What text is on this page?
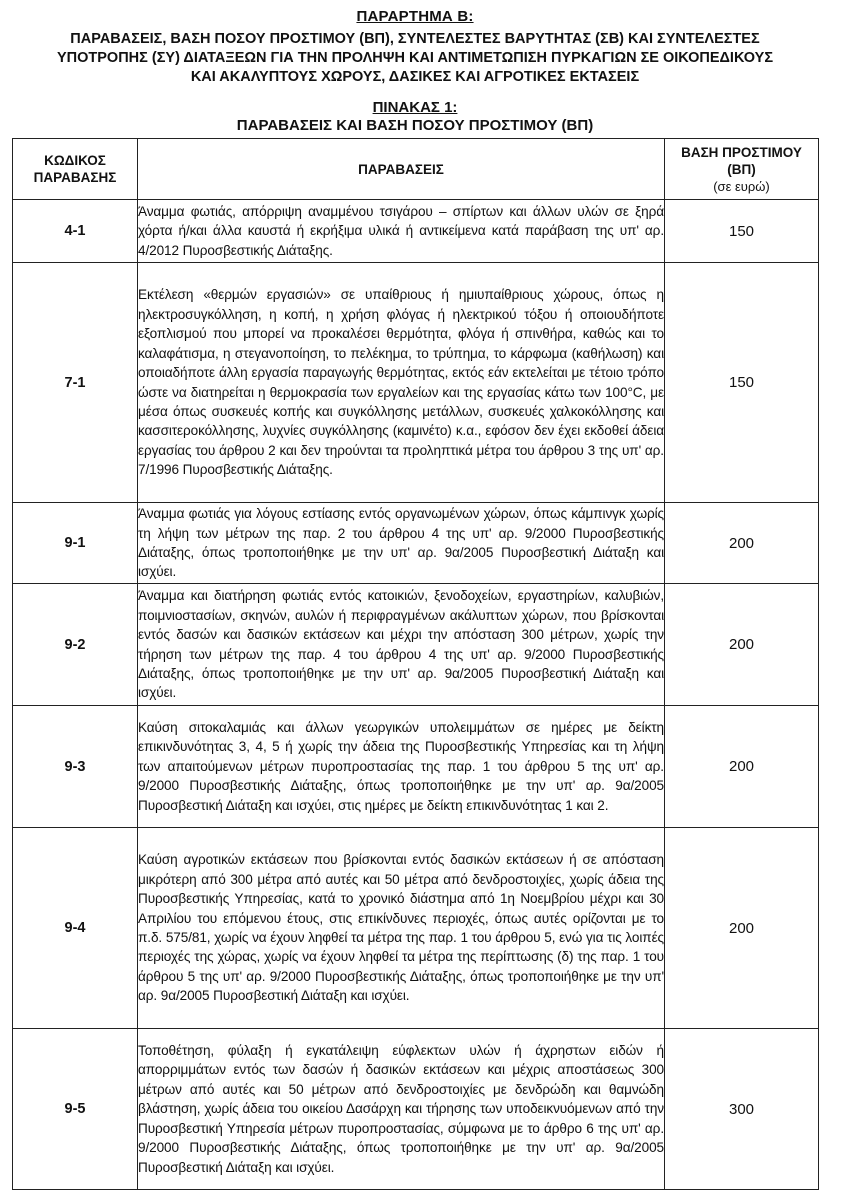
ΠΑΡΑΡΤΗΜΑ Β:
ΠΑΡΑΒΑΣΕΙΣ, ΒΑΣΗ ΠΟΣΟΥ ΠΡΟΣΤΙΜΟΥ (ΒΠ), ΣΥΝΤΕΛΕΣΤΕΣ ΒΑΡΥΤΗΤΑΣ (ΣΒ) ΚΑΙ ΣΥΝΤΕΛΕΣΤΕΣ
ΥΠΟΤΡΟΠΗΣ (ΣΥ) ΔΙΑΤΑΞΕΩΝ ΓΙΑ ΤΗΝ ΠΡΟΛΗΨΗ ΚΑΙ ΑΝΤΙΜΕΤΩΠΙΣΗ ΠΥΡΚΑΓΙΩΝ ΣΕ ΟΙΚΟΠΕΔΙΚΟΥΣ
ΚΑΙ ΑΚΑΛΥΠΤΟΥΣ ΧΩΡΟΥΣ, ΔΑΣΙΚΕΣ ΚΑΙ ΑΓΡΟΤΙΚΕΣ ΕΚΤΑΣΕΙΣ
ΠΙΝΑΚΑΣ 1:
ΠΑΡΑΒΑΣΕΙΣ ΚΑΙ ΒΑΣΗ ΠΟΣΟΥ ΠΡΟΣΤΙΜΟΥ (ΒΠ)
ΚΩΔΙΚΟΣ
ΠΑΡΑΒΑΣΗΣ	ΠΑΡΑΒΑΣΕΙΣ	ΒΑΣΗ ΠΡΟΣΤΙΜΟΥ
(ΒΠ)
(σε ευρώ)

4-1	Άναμμα φωτιάς, απόρριψη αναμμένου τσιγάρου – σπίρτων και άλλων υλών σε ξηρά χόρτα ή/και άλλα καυστά ή εκρήξιμα υλικά ή αντικείμενα κατά παράβαση της υπ' αρ. 4/2012 Πυροσβεστικής Διάταξης.	150
7-1	Εκτέλεση «θερμών εργασιών» σε υπαίθριους ή ημιυπαίθριους χώρους, όπως η ηλεκτροσυγκόλληση, η κοπή, η χρήση φλόγας ή ηλεκτρικού τόξου ή οποιουδήποτε εξοπλισμού που μπορεί να προκαλέσει θερμότητα, φλόγα ή σπινθήρα, καθώς και το καλαφάτισμα, η στεγανοποίηση, το πελέκημα, το τρύπημα, το κάρφωμα (καθήλωση) και οποιαδήποτε άλλη εργασία παραγωγής θερμότητας, εκτός εάν εκτελείται με τέτοιο τρόπο ώστε να διατηρείται η θερμοκρασία των εργαλείων και της εργασίας κάτω των 100°C, με μέσα όπως συσκευές κοπής και συγκόλλησης μετάλλων, συσκευές χαλκοκόλλησης και κασσιτεροκόλλησης, λυχνίες συγκόλλησης (καμινέτο) κ.α., εφόσον δεν έχει εκδοθεί άδεια εργασίας του άρθρου 2 και δεν τηρούνται τα προληπτικά μέτρα του άρθρου 3 της υπ' αρ. 7/1996 Πυροσβεστικής Διάταξης.	150
9-1	Άναμμα φωτιάς για λόγους εστίασης εντός οργανωμένων χώρων, όπως κάμπινγκ χωρίς τη λήψη των μέτρων της παρ. 2 του άρθρου 4 της υπ' αρ. 9/2000 Πυροσβεστικής Διάταξης, όπως τροποποιήθηκε με την υπ' αρ. 9α/2005 Πυροσβεστική Διάταξη και ισχύει.	200
9-2	Άναμμα και διατήρηση φωτιάς εντός κατοικιών, ξενοδοχείων, εργαστηρίων, καλυβιών, ποιμνιοστασίων, σκηνών, αυλών ή περιφραγμένων ακάλυπτων χώρων, που βρίσκονται εντός δασών και δασικών εκτάσεων και μέχρι την απόσταση 300 μέτρων, χωρίς την τήρηση των μέτρων της παρ. 4 του άρθρου 4 της υπ' αρ. 9/2000 Πυροσβεστικής Διάταξης, όπως τροποποιήθηκε με την υπ' αρ. 9α/2005 Πυροσβεστική Διάταξη και ισχύει.	200
9-3	Καύση σιτοκαλαμιάς και άλλων γεωργικών υπολειμμάτων σε ημέρες με δείκτη επικινδυνότητας 3, 4, 5 ή χωρίς την άδεια της Πυροσβεστικής Υπηρεσίας και τη λήψη των απαιτούμενων μέτρων πυροπροστασίας της παρ. 1 του άρθρου 5 της υπ' αρ. 9/2000 Πυροσβεστικής Διάταξης, όπως τροποποιήθηκε με την υπ' αρ. 9α/2005 Πυροσβεστική Διάταξη και ισχύει, στις ημέρες με δείκτη επικινδυνότητας 1 και 2.	200
9-4	Καύση αγροτικών εκτάσεων που βρίσκονται εντός δασικών εκτάσεων ή σε απόσταση μικρότερη από 300 μέτρα από αυτές και 50 μέτρα από δενδροστοιχίες, χωρίς άδεια της Πυροσβεστικής Υπηρεσίας, κατά το χρονικό διάστημα από 1η Νοεμβρίου μέχρι και 30 Απριλίου του επόμενου έτους, στις επικίνδυνες περιοχές, όπως αυτές ορίζονται με το π.δ. 575/81, χωρίς να έχουν ληφθεί τα μέτρα της παρ. 1 του άρθρου 5, ενώ για τις λοιπές περιοχές της χώρας, χωρίς να έχουν ληφθεί τα μέτρα της περίπτωσης (δ) της παρ. 1 του άρθρου 5 της υπ' αρ. 9/2000 Πυροσβεστικής Διάταξης, όπως τροποποιήθηκε με την υπ' αρ. 9α/2005 Πυροσβεστική Διάταξη και ισχύει.	200
9-5	Τοποθέτηση, φύλαξη ή εγκατάλειψη εύφλεκτων υλών ή άχρηστων ειδών ή απορριμμάτων εντός των δασών ή δασικών εκτάσεων και μέχρις αποστάσεως 300 μέτρων από αυτές και 50 μέτρων από δενδροστοιχίες με δενδρώδη και θαμνώδη βλάστηση, χωρίς άδεια του οικείου Δασάρχη και τήρησης των υποδεικνυόμενων από την Πυροσβεστική Υπηρεσία μέτρων πυροπροστασίας, σύμφωνα με το άρθρο 6 της υπ' αρ. 9/2000 Πυροσβεστικής Διάταξης, όπως τροποποιήθηκε με την υπ' αρ. 9α/2005 Πυροσβεστική Διάταξη και ισχύει.	300
